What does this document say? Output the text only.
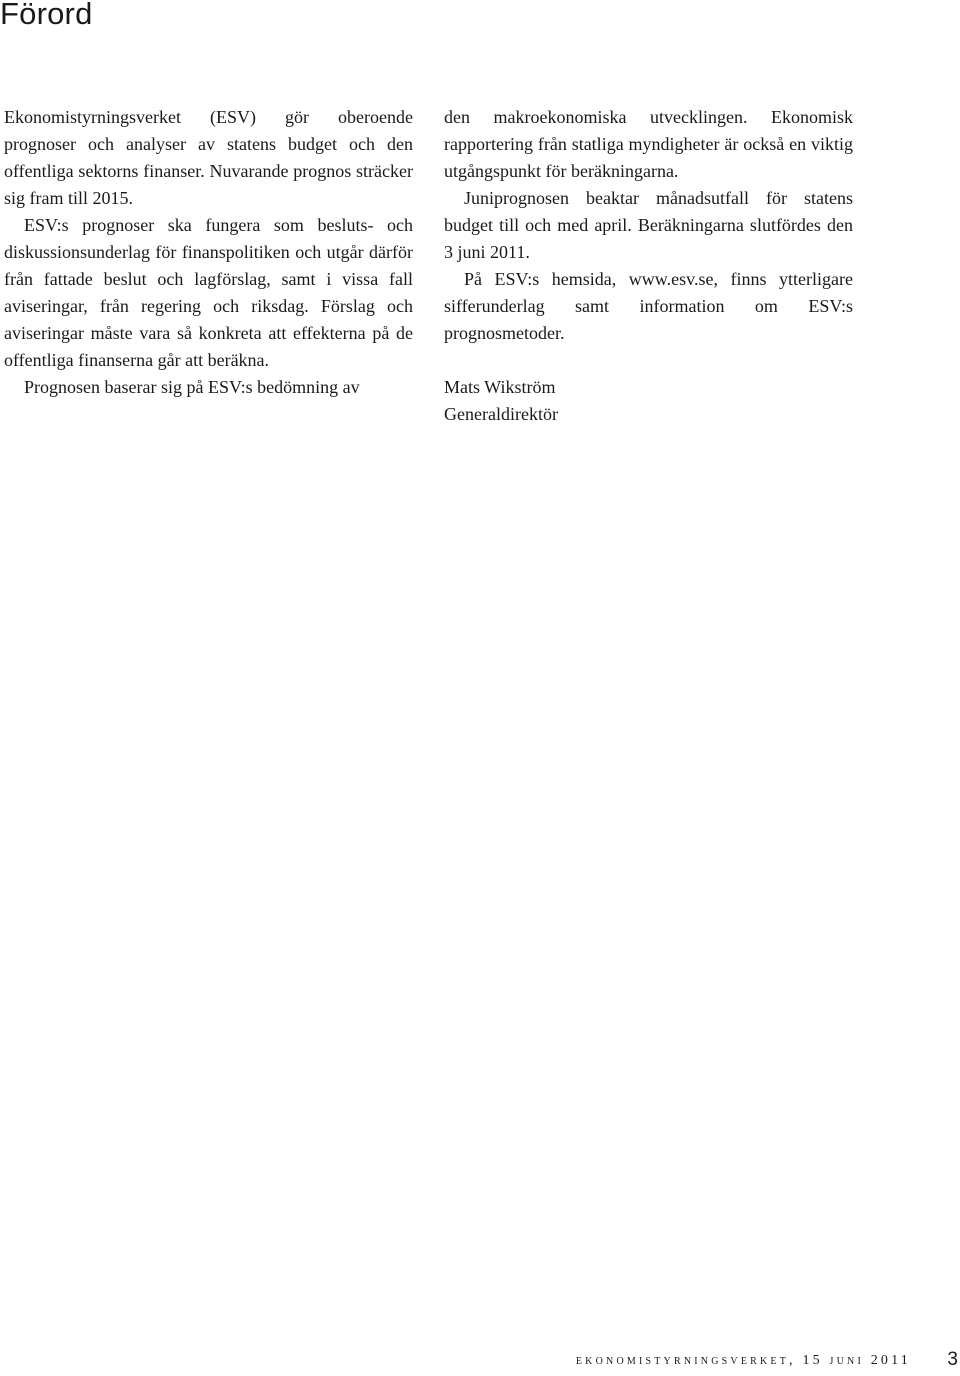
Förord

Ekonomistyrningsverket (ESV) gör oberoende prognoser och analyser av statens budget och den offentliga sektorns finanser. Nuvarande prognos sträcker sig fram till 2015.

ESV:s prognoser ska fungera som besluts- och diskussionsunderlag för finanspolitiken och utgår därför från fattade beslut och lagförslag, samt i vissa fall aviseringar, från regering och riksdag. Förslag och aviseringar måste vara så konkreta att effekterna på de offentliga finanserna går att beräkna.

Prognosen baserar sig på ESV:s bedömning av

den makroekonomiska utvecklingen. Ekonomisk rapportering från statliga myndigheter är också en viktig utgångspunkt för beräkningarna.

Juniprognosen beaktar månadsutfall för statens budget till och med april. Beräkningarna slutfördes den 3 juni 2011.

På ESV:s hemsida, www.esv.se, finns ytterligare sifferunderlag samt information om ESV:s prognosmetoder.

Mats Wikström
Generaldirektör
ekonomistyrningsverket, 15 juni 2011 3
